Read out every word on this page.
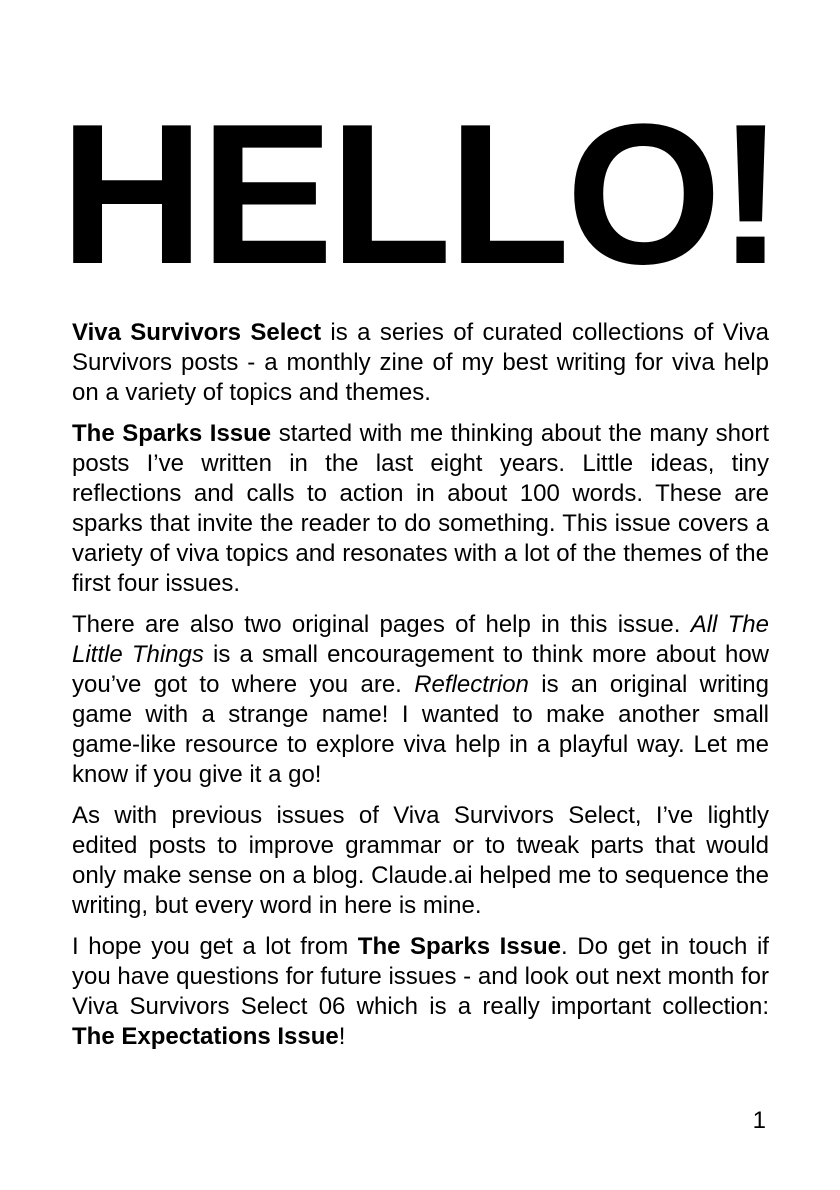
HELLO!

Viva Survivors Select is a series of curated collections of Viva Survivors posts - a monthly zine of my best writing for viva help on a variety of topics and themes.

The Sparks Issue started with me thinking about the many short posts I’ve written in the last eight years. Little ideas, tiny reflections and calls to action in about 100 words. These are sparks that invite the reader to do something. This issue covers a variety of viva topics and resonates with a lot of the themes of the first four issues.

There are also two original pages of help in this issue. All The Little Things is a small encouragement to think more about how you’ve got to where you are. Reflectrion is an original writing game with a strange name! I wanted to make another small game-like resource to explore viva help in a playful way. Let me know if you give it a go!

As with previous issues of Viva Survivors Select, I’ve lightly edited posts to improve grammar or to tweak parts that would only make sense on a blog. Claude.ai helped me to sequence the writing, but every word in here is mine.

I hope you get a lot from The Sparks Issue. Do get in touch if you have questions for future issues - and look out next month for Viva Survivors Select 06 which is a really important collection: The Expectations Issue!

1
